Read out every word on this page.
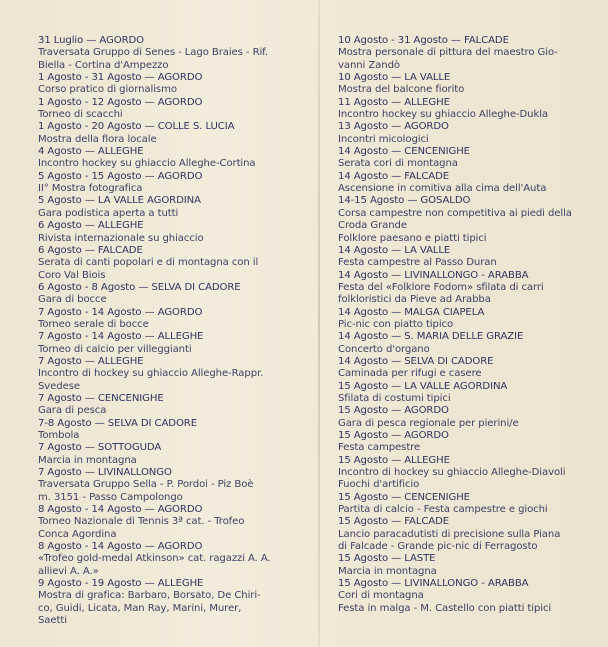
31 Luglio — AGORDO
Traversata Gruppo di Senes - Lago Braies - Rif.
Biella - Cortina d'Ampezzo
1 Agosto - 31 Agosto — AGORDO
Corso pratico di giornalismo
1 Agosto - 12 Agosto — AGORDO
Torneo di scacchi
1 Agosto - 20 Agosto — COLLE S. LUCIA
Mostra della flora locale
4 Agosto — ALLEGHE
Incontro hockey su ghiaccio Alleghe-Cortina
5 Agosto - 15 Agosto — AGORDO
II° Mostra fotografica
5 Agosto — LA VALLE AGORDINA
Gara podistica aperta a tutti
6 Agosto — ALLEGHE
Rivista internazionale su ghiaccio
6 Agosto — FALCADE
Serata di canti popolari e di montagna con il
Coro Val Biois
6 Agosto - 8 Agosto — SELVA DI CADORE
Gara di bocce
7 Agosto - 14 Agosto — AGORDO
Torneo serale di bocce
7 Agosto - 14 Agosto — ALLEGHE
Torneo di calcio per villeggianti
7 Agosto — ALLEGHE
Incontro di hockey su ghiaccio Alleghe-Rappr.
Svedese
7 Agosto — CENCENIGHE
Gara di pesca
7-8 Agosto — SELVA DI CADORE
Tombola
7 Agosto — SOTTOGUDA
Marcia in montagna
7 Agosto — LIVINALLONGO
Traversata Gruppo Sella - P. Pordoi - Piz Boè
m. 3151 - Passo Campolongo
8 Agosto - 14 Agosto — AGORDO
Torneo Nazionale di Tennis 3ª cat. - Trofeo
Conca Agordina
8 Agosto - 14 Agosto — AGORDO
«Trofeo gold-medal Atkinson» cat. ragazzi A. A.
allievi A. A.»
9 Agosto - 19 Agosto — ALLEGHE
Mostra di grafica: Barbaro, Borsato, De Chiri-
co, Guidi, Licata, Man Ray, Marini, Murer,
Saetti
10 Agosto - 31 Agosto — FALCADE
Mostra personale di pittura del maestro Gio-
vanni Zandò
10 Agosto — LA VALLE
Mostra del balcone fiorito
11 Agosto — ALLEGHE
Incontro hockey su ghiaccio Alleghe-Dukla
13 Agosto — AGORDO
Incontri micologici
14 Agosto — CENCENIGHE
Serata cori di montagna
14 Agosto — FALCADE
Ascensione in comitiva alla cima dell'Auta
14-15 Agosto — GOSALDO
Corsa campestre non competitiva ai piedi della
Croda Grande
Folklore paesano e piatti tipici
14 Agosto — LA VALLE
Festa campestre al Passo Duran
14 Agosto — LIVINALLONGO - ARABBA
Festa del «Folklore Fodom» sfilata di carri
folkloristici da Pieve ad Arabba
14 Agosto — MALGA CIAPELA
Pic-nic con piatto tipico
14 Agosto — S. MARIA DELLE GRAZIE
Concerto d'organo
14 Agosto — SELVA DI CADORE
Caminada per rifugi e casere
15 Agosto — LA VALLE AGORDINA
Sfilata di costumi tipici
15 Agosto — AGORDO
Gara di pesca regionale per pierini/e
15 Agosto — AGORDO
Festa campestre
15 Agosto — ALLEGHE
Incontro di hockey su ghiaccio Alleghe-Diavoli
Fuochi d'artificio
15 Agosto — CENCENIGHE
Partita di calcio - Festa campestre e giochi
15 Agosto — FALCADE
Lancio paracadutisti di precisione sulla Piana
di Falcade - Grande pic-nic di Ferragosto
15 Agosto — LASTE
Marcia in montagna
15 Agosto — LIVINALLONGO - ARABBA
Cori di montagna
Festa in malga - M. Castello con piatti tipici
